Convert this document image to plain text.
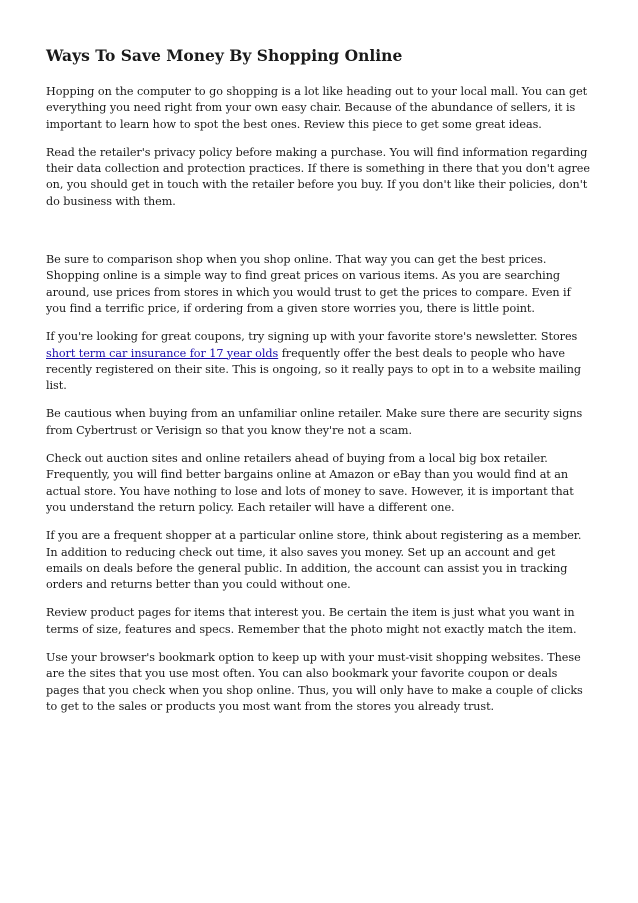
Ways To Save Money By Shopping Online

Hopping on the computer to go shopping is a lot like heading out to your local mall. You can get everything you need right from your own easy chair. Because of the abundance of sellers, it is important to learn how to spot the best ones. Review this piece to get some great ideas.

Read the retailer's privacy policy before making a purchase. You will find information regarding their data collection and protection practices. If there is something in there that you don't agree on, you should get in touch with the retailer before you buy. If you don't like their policies, don't do business with them.

Be sure to comparison shop when you shop online. That way you can get the best prices. Shopping online is a simple way to find great prices on various items. As you are searching around, use prices from stores in which you would trust to get the prices to compare. Even if you find a terrific price, if ordering from a given store worries you, there is little point.

If you're looking for great coupons, try signing up with your favorite store's newsletter. Stores short term car insurance for 17 year olds frequently offer the best deals to people who have recently registered on their site. This is ongoing, so it really pays to opt in to a website mailing list.

Be cautious when buying from an unfamiliar online retailer. Make sure there are security signs from Cybertrust or Verisign so that you know they're not a scam.

Check out auction sites and online retailers ahead of buying from a local big box retailer. Frequently, you will find better bargains online at Amazon or eBay than you would find at an actual store. You have nothing to lose and lots of money to save. However, it is important that you understand the return policy. Each retailer will have a different one.

If you are a frequent shopper at a particular online store, think about registering as a member. In addition to reducing check out time, it also saves you money. Set up an account and get emails on deals before the general public. In addition, the account can assist you in tracking orders and returns better than you could without one.

Review product pages for items that interest you. Be certain the item is just what you want in terms of size, features and specs. Remember that the photo might not exactly match the item.

Use your browser's bookmark option to keep up with your must-visit shopping websites. These are the sites that you use most often. You can also bookmark your favorite coupon or deals pages that you check when you shop online. Thus, you will only have to make a couple of clicks to get to the sales or products you most want from the stores you already trust.
